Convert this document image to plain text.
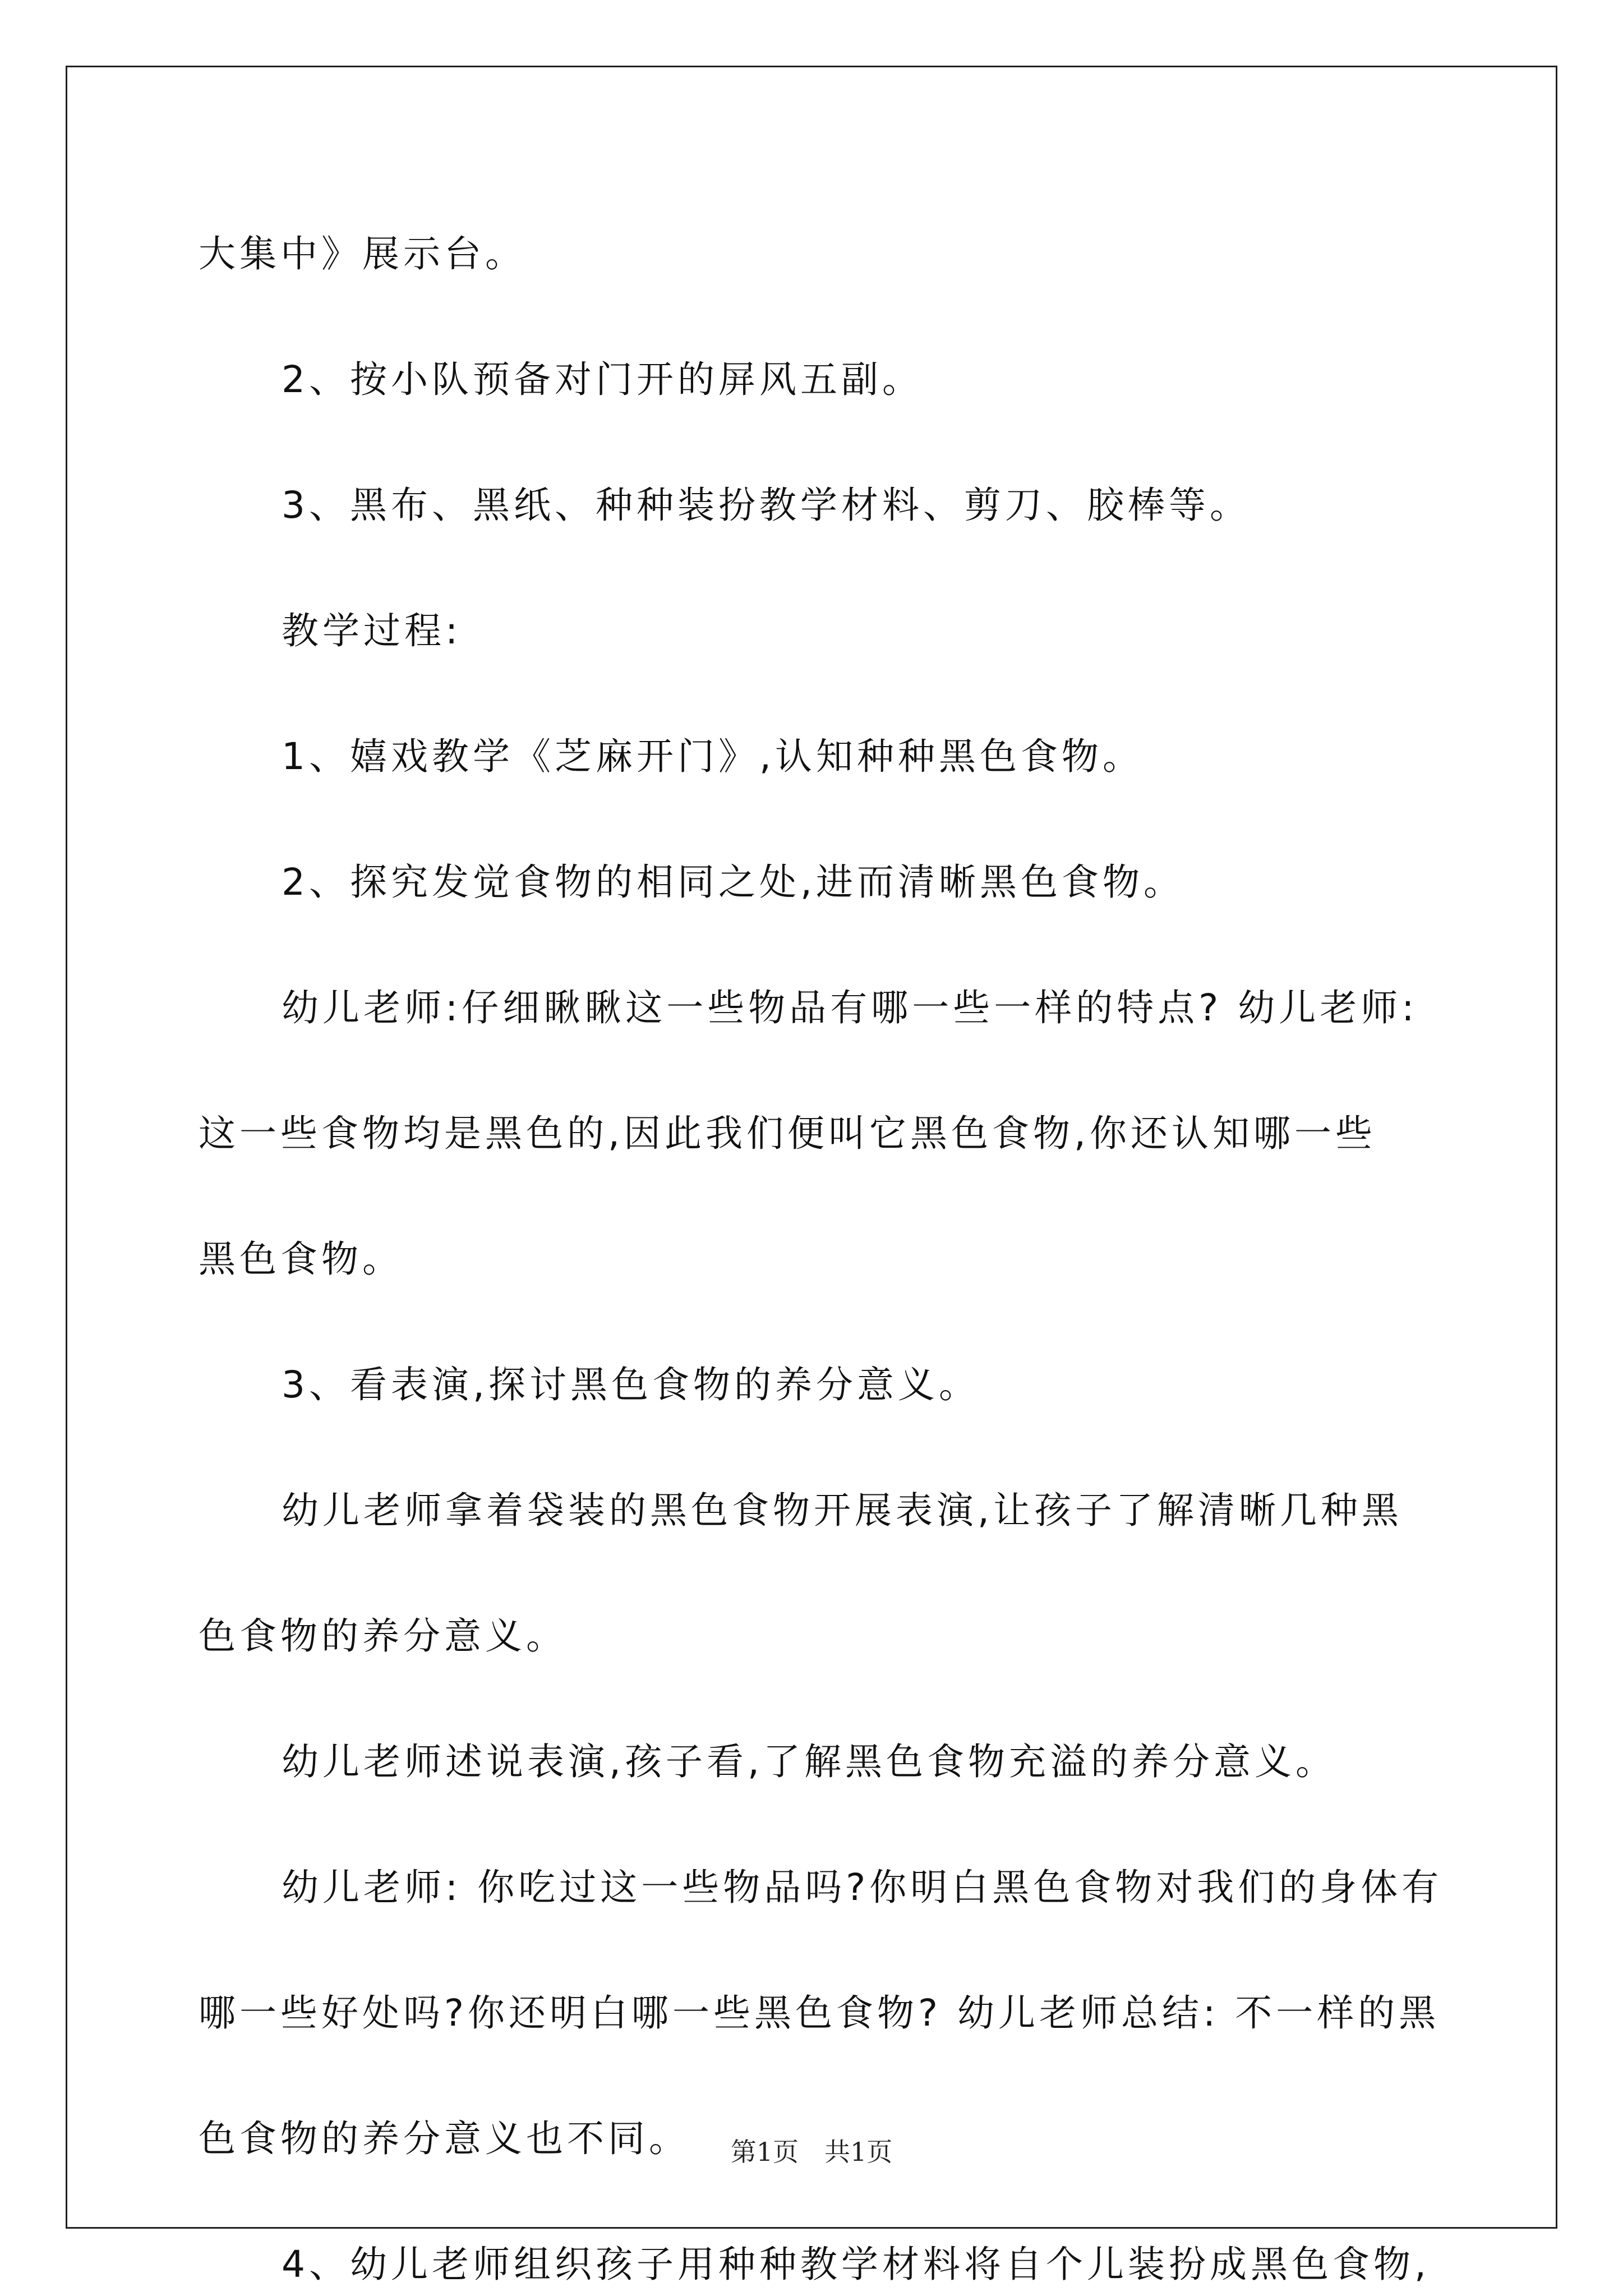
大集中》展示台。
2、按小队预备对门开的屏风五副。
3、黑布、黑纸、种种装扮教学材料、剪刀、胶棒等。
教学过程:
1、嬉戏教学《芝麻开门》,认知种种黑色食物。
2、探究发觉食物的相同之处,进而清晰黑色食物。
幼儿老师:仔细瞅瞅这一些物品有哪一些一样的特点? 幼儿老师:
这一些食物均是黑色的,因此我们便叫它黑色食物,你还认知哪一些
黑色食物。
3、看表演,探讨黑色食物的养分意义。
幼儿老师拿着袋装的黑色食物开展表演,让孩子了解清晰几种黑
色食物的养分意义。
幼儿老师述说表演,孩子看,了解黑色食物充溢的养分意义。
幼儿老师: 你吃过这一些物品吗?你明白黑色食物对我们的身体有
哪一些好处吗?你还明白哪一些黑色食物? 幼儿老师总结: 不一样的黑
色食物的养分意义也不同。
4、幼儿老师组织孩子用种种教学材料将自个儿装扮成黑色食物,
第1页 共1页
